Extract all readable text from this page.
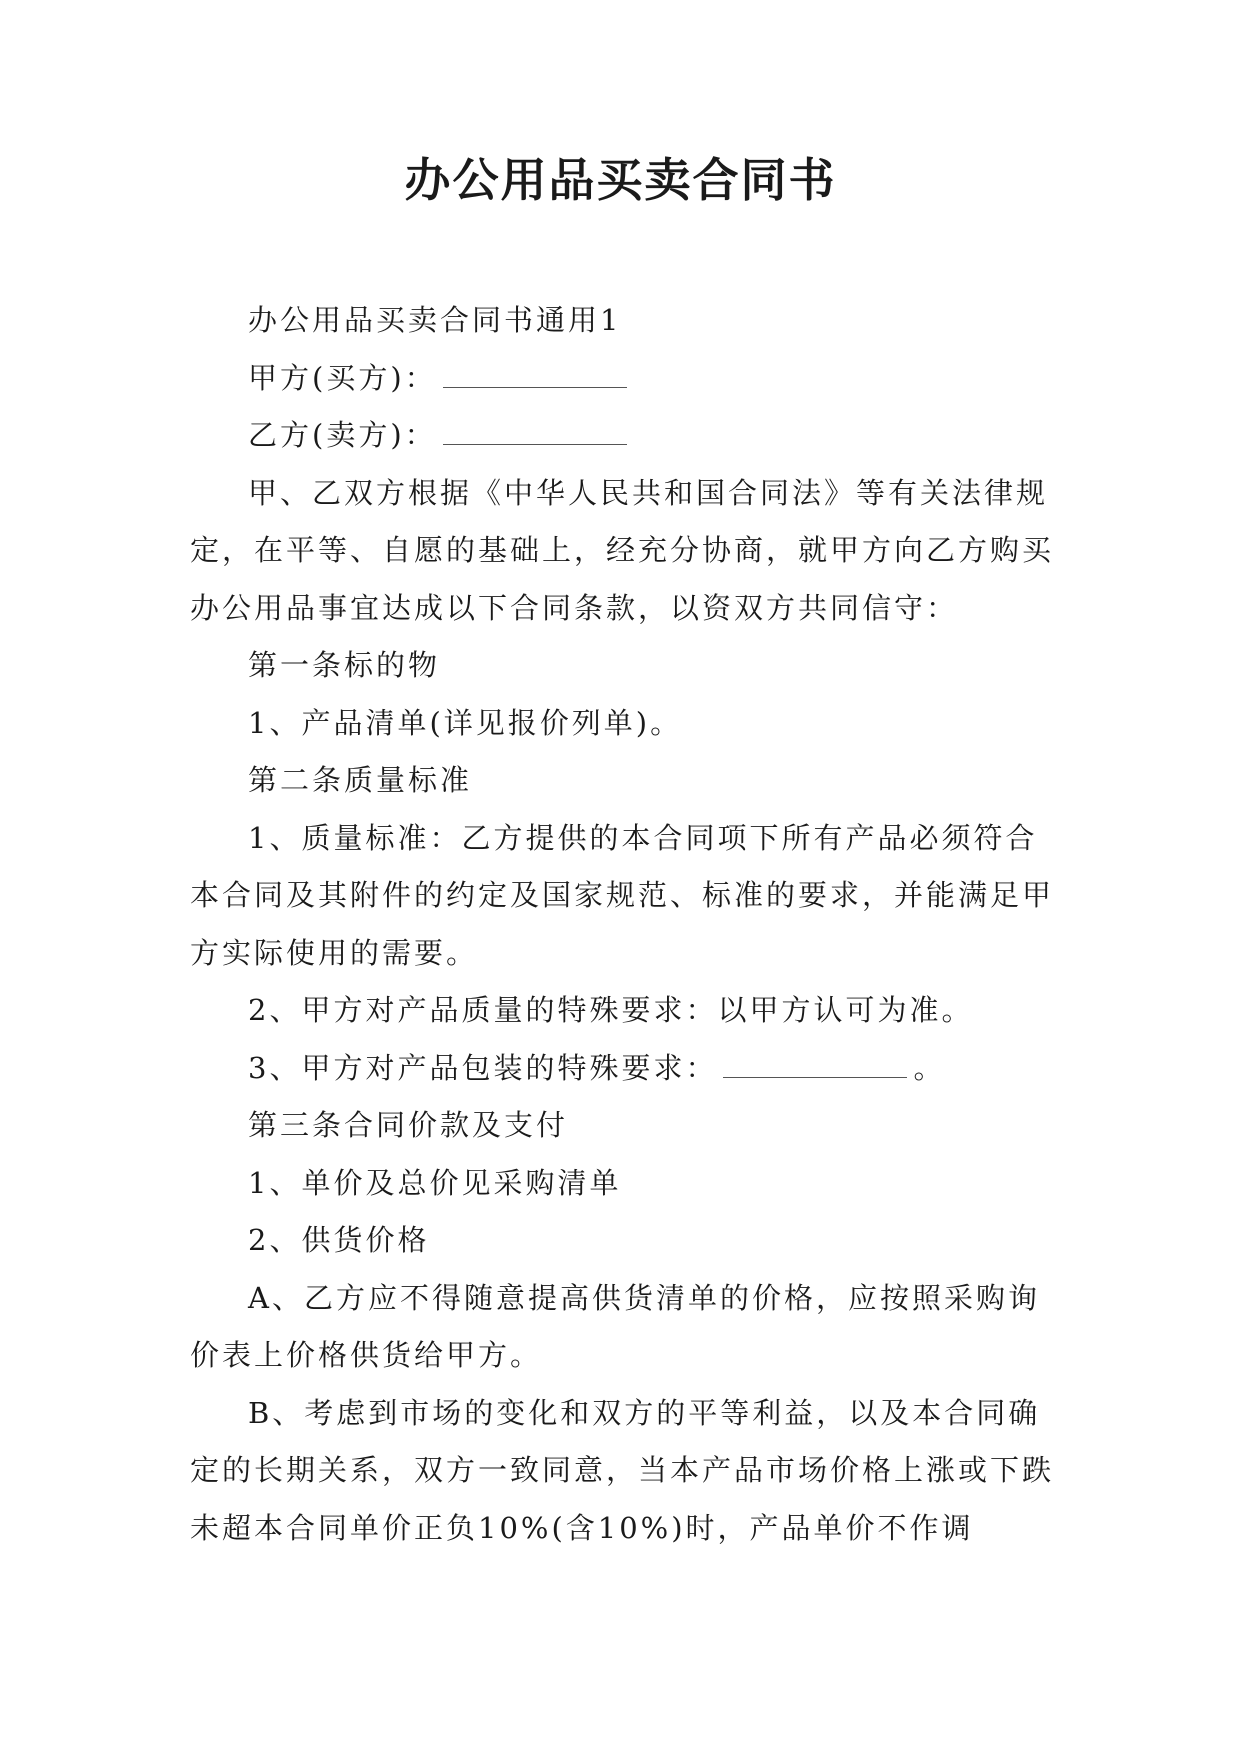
办公用品买卖合同书

办公用品买卖合同书通用1

甲方(买方)：

乙方(卖方)：

甲、乙双方根据《中华人民共和国合同法》等有关法律规定，在平等、自愿的基础上，经充分协商，就甲方向乙方购买办公用品事宜达成以下合同条款，以资双方共同信守：

第一条标的物

1、产品清单(详见报价列单)。

第二条质量标准

1、质量标准：乙方提供的本合同项下所有产品必须符合本合同及其附件的约定及国家规范、标准的要求，并能满足甲方实际使用的需要。

2、甲方对产品质量的特殊要求：以甲方认可为准。

3、甲方对产品包装的特殊要求：	。

第三条合同价款及支付

1、单价及总价见采购清单

2、供货价格

A、乙方应不得随意提高供货清单的价格，应按照采购询价表上价格供货给甲方。

B、考虑到市场的变化和双方的平等利益，以及本合同确定的长期关系，双方一致同意，当本产品市场价格上涨或下跌未超本合同单价正负10%(含10%)时，产品单价不作调
